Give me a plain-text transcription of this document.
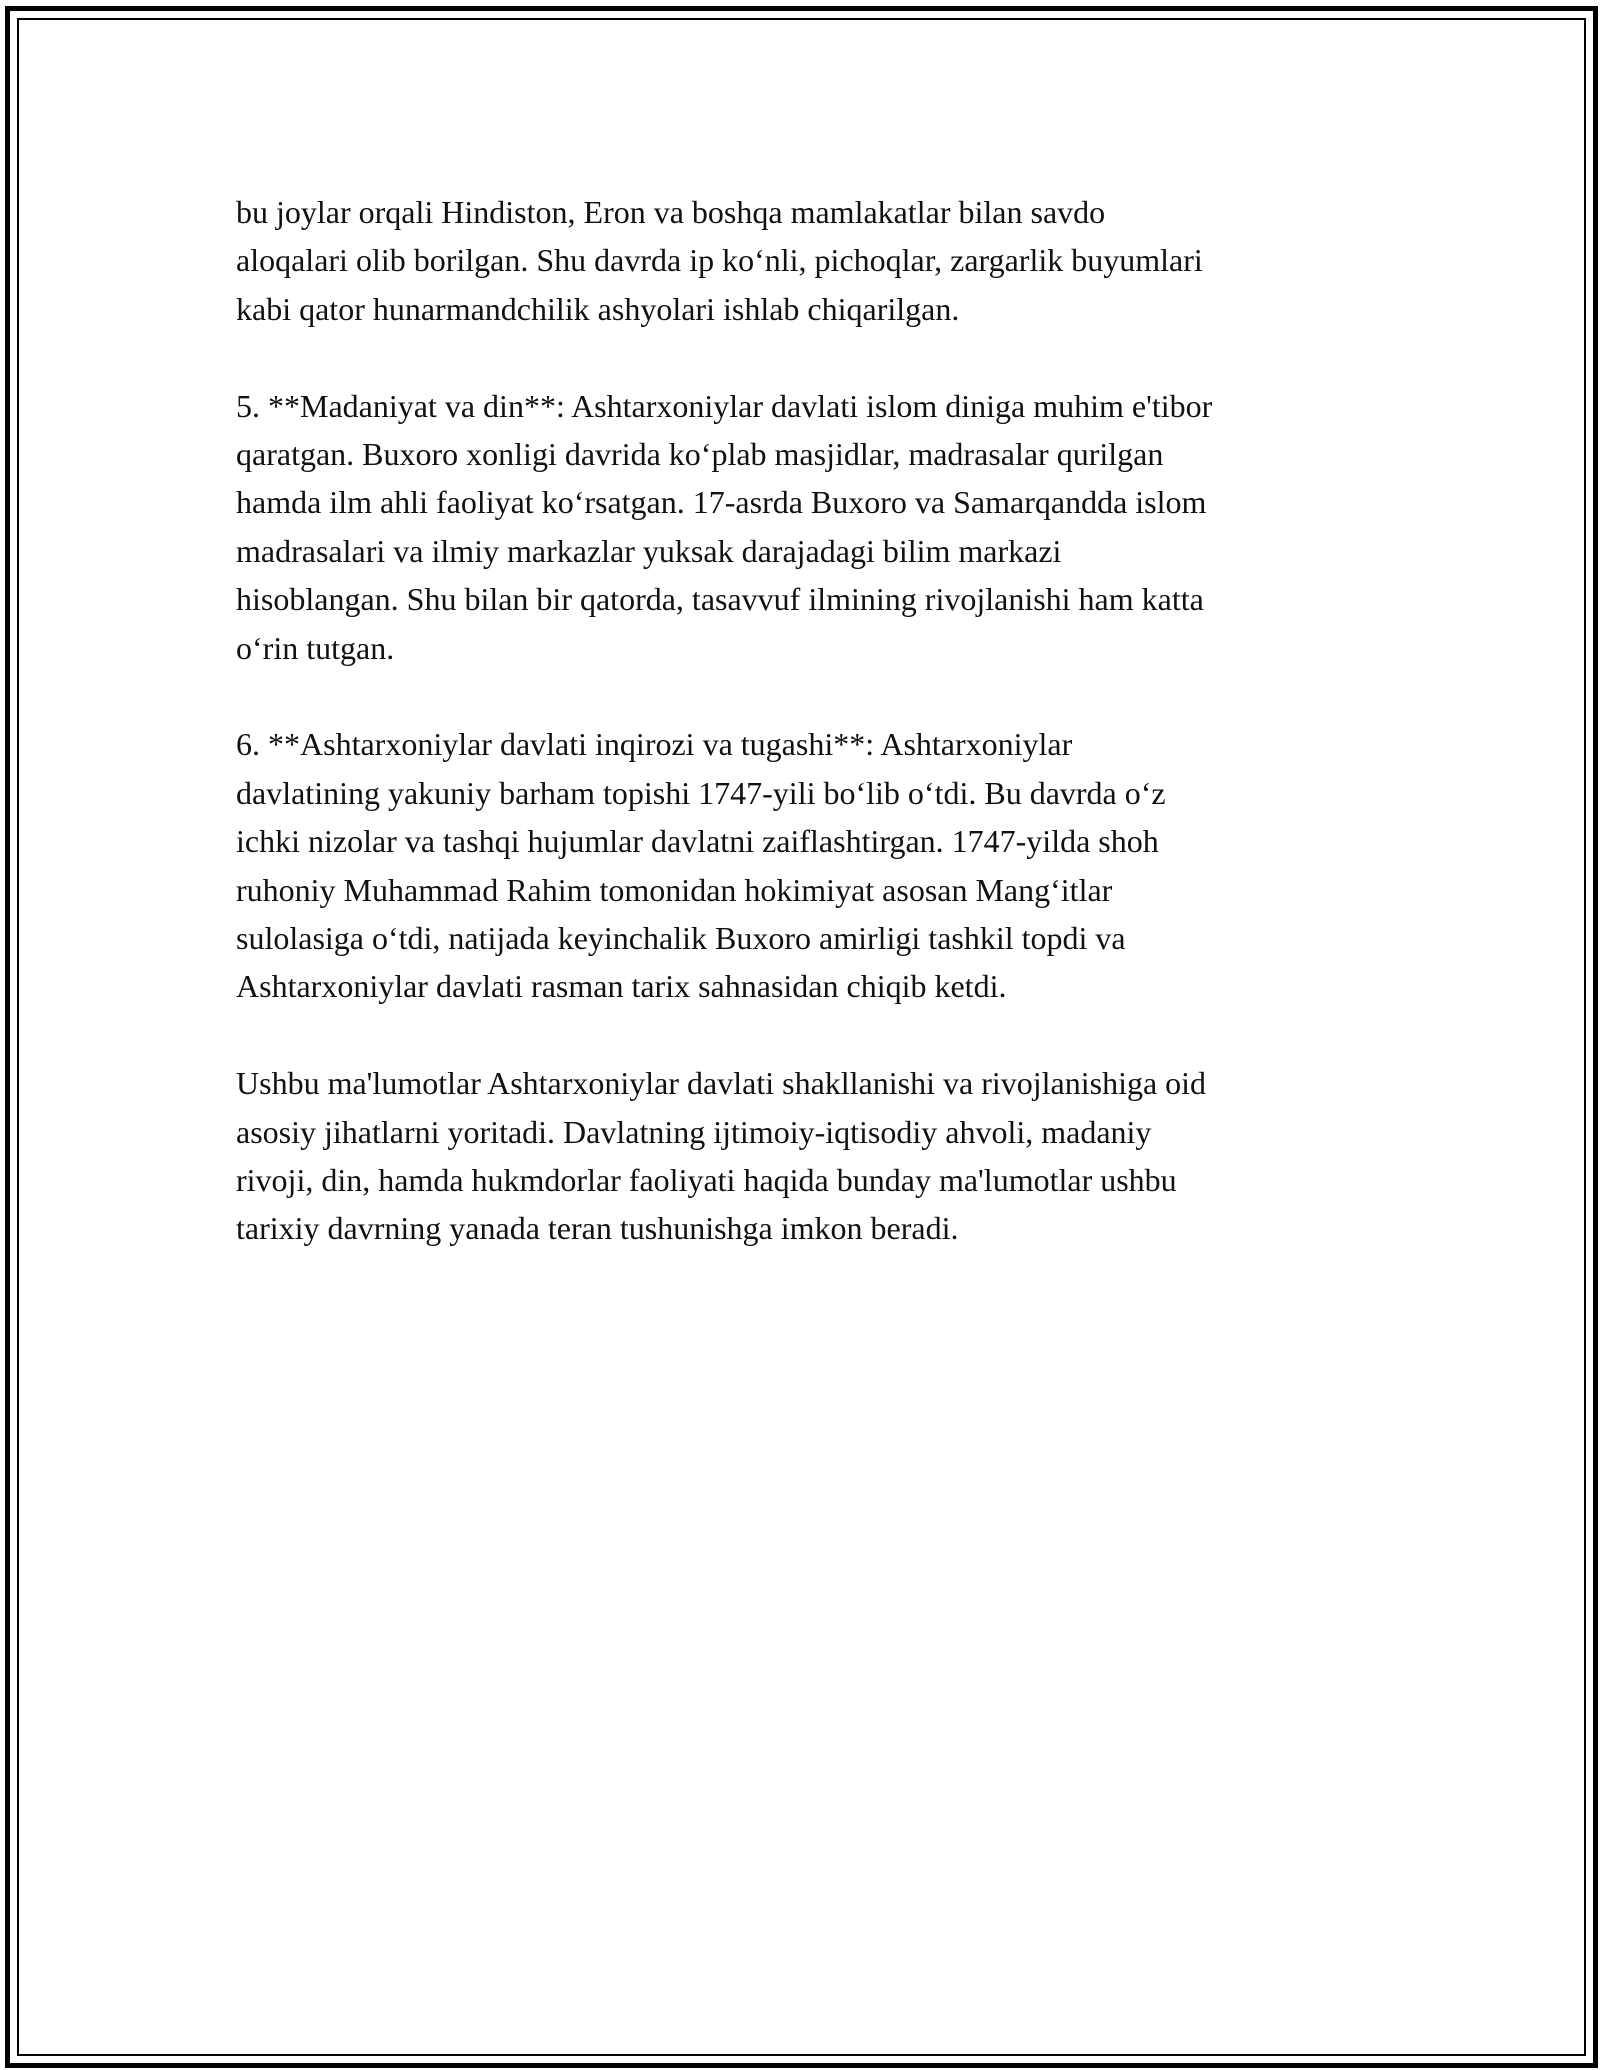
bu joylar orqali Hindiston, Eron va boshqa mamlakatlar bilan savdo
aloqalari olib borilgan. Shu davrda ip ko‘nli, pichoqlar, zargarlik buyumlari
kabi qator hunarmandchilik ashyolari ishlab chiqarilgan.

5. **Madaniyat va din**: Ashtarxoniylar davlati islom diniga muhim e'tibor
qaratgan. Buxoro xonligi davrida ko‘plab masjidlar, madrasalar qurilgan
hamda ilm ahli faoliyat ko‘rsatgan. 17-asrda Buxoro va Samarqandda islom
madrasalari va ilmiy markazlar yuksak darajadagi bilim markazi
hisoblangan. Shu bilan bir qatorda, tasavvuf ilmining rivojlanishi ham katta
o‘rin tutgan.

6. **Ashtarxoniylar davlati inqirozi va tugashi**: Ashtarxoniylar
davlatining yakuniy barham topishi 1747-yili bo‘lib o‘tdi. Bu davrda o‘z
ichki nizolar va tashqi hujumlar davlatni zaiflashtirgan. 1747-yilda shoh
ruhoniy Muhammad Rahim tomonidan hokimiyat asosan Mang‘itlar
sulolasiga o‘tdi, natijada keyinchalik Buxoro amirligi tashkil topdi va
Ashtarxoniylar davlati rasman tarix sahnasidan chiqib ketdi.

Ushbu ma'lumotlar Ashtarxoniylar davlati shakllanishi va rivojlanishiga oid
asosiy jihatlarni yoritadi. Davlatning ijtimoiy-iqtisodiy ahvoli, madaniy
rivoji, din, hamda hukmdorlar faoliyati haqida bunday ma'lumotlar ushbu
tarixiy davrning yanada teran tushunishga imkon beradi.
